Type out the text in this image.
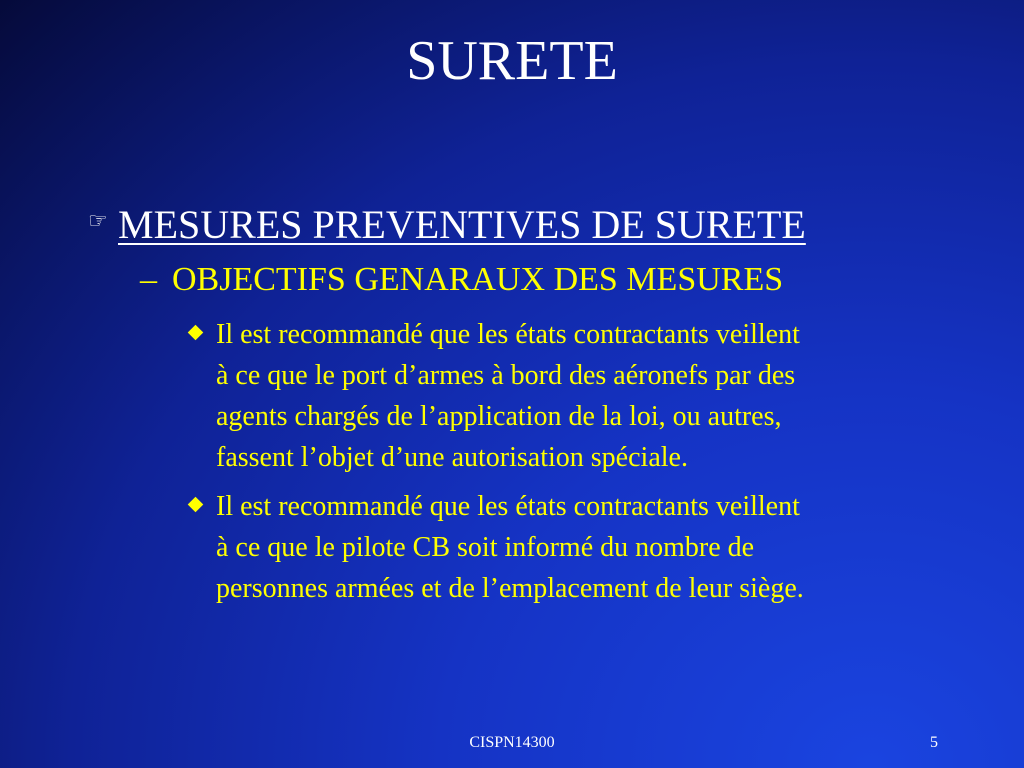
SURETE
☞ MESURES PREVENTIVES DE SURETE
– OBJECTIFS GENARAUX DES MESURES
Il est recommandé que les états contractants veillent
à ce que le port d’armes à bord des aéronefs par des
agents chargés de l’application de la loi, ou autres,
fassent l’objet d’une autorisation spéciale.
Il est recommandé que les états contractants veillent
à ce que le pilote CB soit informé du nombre de
personnes armées et de l’emplacement de leur siège.
CISPN14300	5
